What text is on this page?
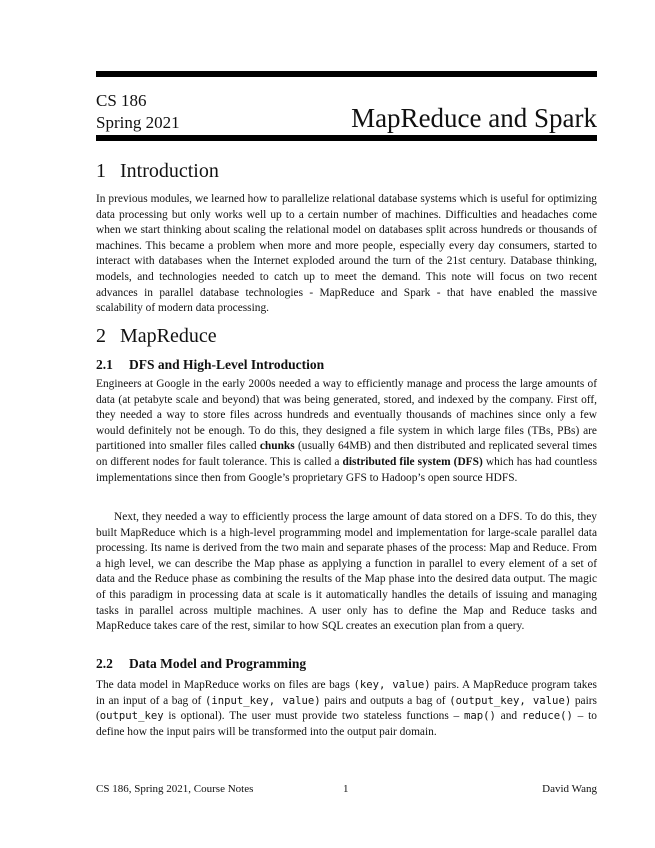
CS 186
Spring 2021	MapReduce and Spark
1 Introduction

In previous modules, we learned how to parallelize relational database systems which is useful for optimizing data processing but only works well up to a certain number of machines. Difficulties and headaches come when we start thinking about scaling the relational model on databases split across hundreds or thousands of machines. This became a problem when more and more people, especially every day consumers, started to interact with databases when the Internet exploded around the turn of the 21st century. Database thinking, models, and technologies needed to catch up to meet the demand. This note will focus on two recent advances in parallel database technologies - MapReduce and Spark - that have enabled the massive scalability of modern data processing.

2 MapReduce
2.1 DFS and High-Level Introduction

Engineers at Google in the early 2000s needed a way to efficiently manage and process the large amounts of data (at petabyte scale and beyond) that was being generated, stored, and indexed by the company. First off, they needed a way to store files across hundreds and eventually thousands of machines since only a few would definitely not be enough. To do this, they designed a file system in which large files (TBs, PBs) are partitioned into smaller files called chunks (usually 64MB) and then distributed and replicated several times on different nodes for fault tolerance. This is called a distributed file system (DFS) which has had countless implementations since then from Google’s proprietary GFS to Hadoop’s open source HDFS.

Next, they needed a way to efficiently process the large amount of data stored on a DFS. To do this, they built MapReduce which is a high-level programming model and implementation for large-scale parallel data processing. Its name is derived from the two main and separate phases of the process: Map and Reduce. From a high level, we can describe the Map phase as applying a function in parallel to every element of a set of data and the Reduce phase as combining the results of the Map phase into the desired data output. The magic of this paradigm in processing data at scale is it automatically handles the details of issuing and managing tasks in parallel across multiple machines. A user only has to define the Map and Reduce tasks and MapReduce takes care of the rest, similar to how SQL creates an execution plan from a query.

2.2 Data Model and Programming

The data model in MapReduce works on files are bags (key, value) pairs. A MapReduce program takes in an input of a bag of (input_key, value) pairs and outputs a bag of (output_key, value) pairs (output_key is optional). The user must provide two stateless functions – map() and reduce() – to define how the input pairs will be transformed into the output pair domain.

CS 186, Spring 2021, Course Notes	1	David Wang
